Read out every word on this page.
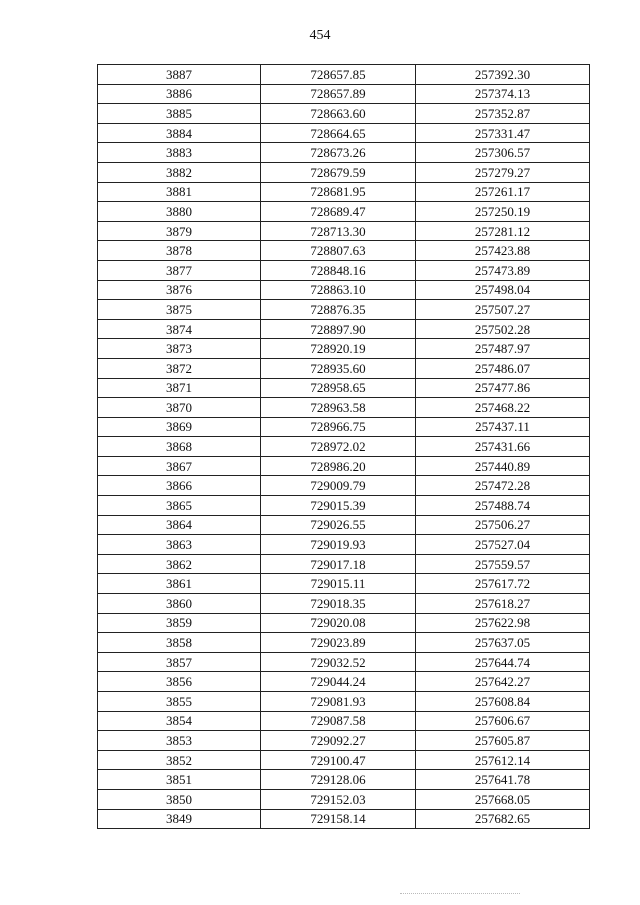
454
3887	728657.85	257392.30
3886	728657.89	257374.13
3885	728663.60	257352.87
3884	728664.65	257331.47
3883	728673.26	257306.57
3882	728679.59	257279.27
3881	728681.95	257261.17
3880	728689.47	257250.19
3879	728713.30	257281.12
3878	728807.63	257423.88
3877	728848.16	257473.89
3876	728863.10	257498.04
3875	728876.35	257507.27
3874	728897.90	257502.28
3873	728920.19	257487.97
3872	728935.60	257486.07
3871	728958.65	257477.86
3870	728963.58	257468.22
3869	728966.75	257437.11
3868	728972.02	257431.66
3867	728986.20	257440.89
3866	729009.79	257472.28
3865	729015.39	257488.74
3864	729026.55	257506.27
3863	729019.93	257527.04
3862	729017.18	257559.57
3861	729015.11	257617.72
3860	729018.35	257618.27
3859	729020.08	257622.98
3858	729023.89	257637.05
3857	729032.52	257644.74
3856	729044.24	257642.27
3855	729081.93	257608.84
3854	729087.58	257606.67
3853	729092.27	257605.87
3852	729100.47	257612.14
3851	729128.06	257641.78
3850	729152.03	257668.05
3849	729158.14	257682.65
